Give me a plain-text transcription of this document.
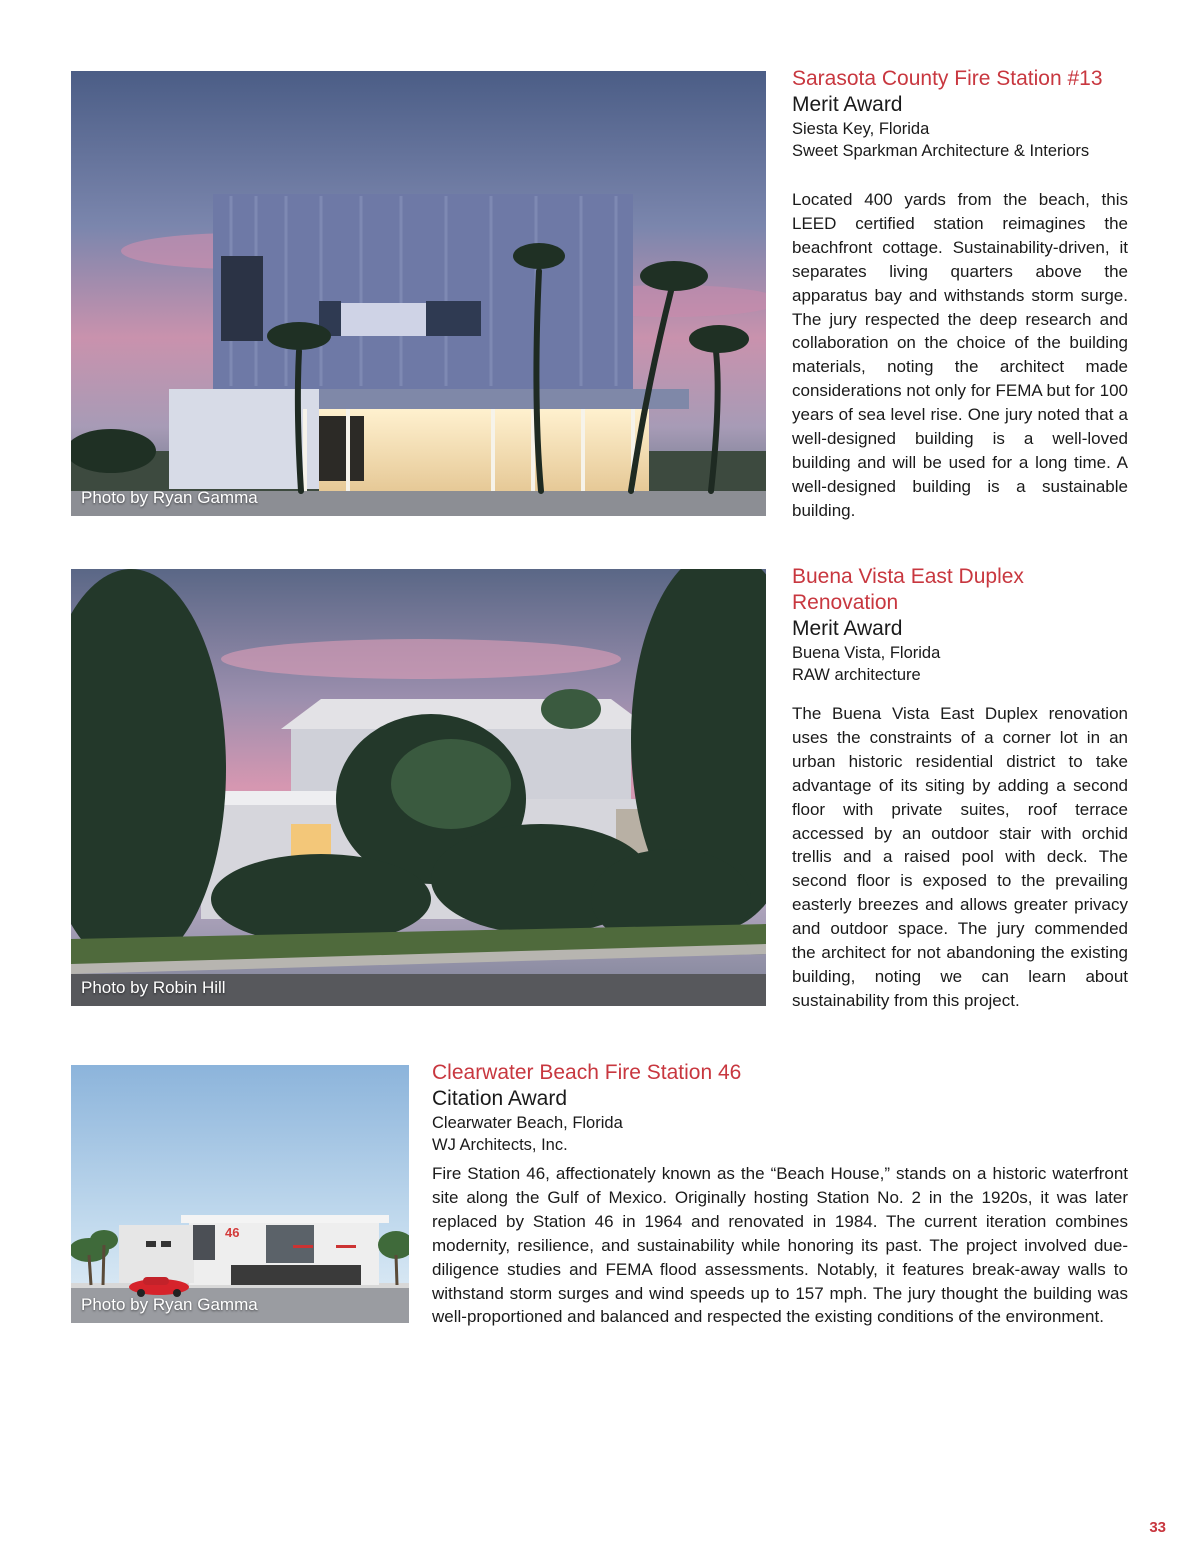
Photo by Ryan Gamma
Sarasota County Fire Station #13
Merit Award
Siesta Key, Florida
Sweet Sparkman Architecture & Interiors

Located 400 yards from the beach, this LEED certified station reimagines the beachfront cottage. Sustainability-driven, it separates living quarters above the apparatus bay and withstands storm surge. The jury respected the deep research and collaboration on the choice of the building materials, noting the architect made considerations not only for FEMA but for 100 years of sea level rise. One jury noted that a well-designed building is a well-loved building and will be used for a long time. A well-designed building is a sustainable building.

Photo by Robin Hill
Buena Vista East Duplex Renovation
Merit Award
Buena Vista, Florida
RAW architecture

The Buena Vista East Duplex renovation uses the constraints of a corner lot in an urban historic residential district to take advantage of its siting by adding a second floor with private suites, roof terrace accessed by an outdoor stair with orchid trellis and a raised pool with deck. The second floor is exposed to the prevailing easterly breezes and allows greater privacy and outdoor space. The jury commended the architect for not abandoning the existing building, noting we can learn about sustainability from this project.

46
Photo by Ryan Gamma
Clearwater Beach Fire Station 46
Citation Award
Clearwater Beach, Florida
WJ Architects, Inc.

Fire Station 46, affectionately known as the “Beach House,” stands on a historic waterfront site along the Gulf of Mexico. Originally hosting Station No. 2 in the 1920s, it was later replaced by Station 46 in 1964 and renovated in 1984. The current iteration combines modernity, resilience, and sustainability while honoring its past. The project involved due-diligence studies and FEMA flood assessments. Notably, it features break-away walls to withstand storm surges and wind speeds up to 157 mph. The jury thought the building was well-proportioned and balanced and respected the existing conditions of the environment.

33
